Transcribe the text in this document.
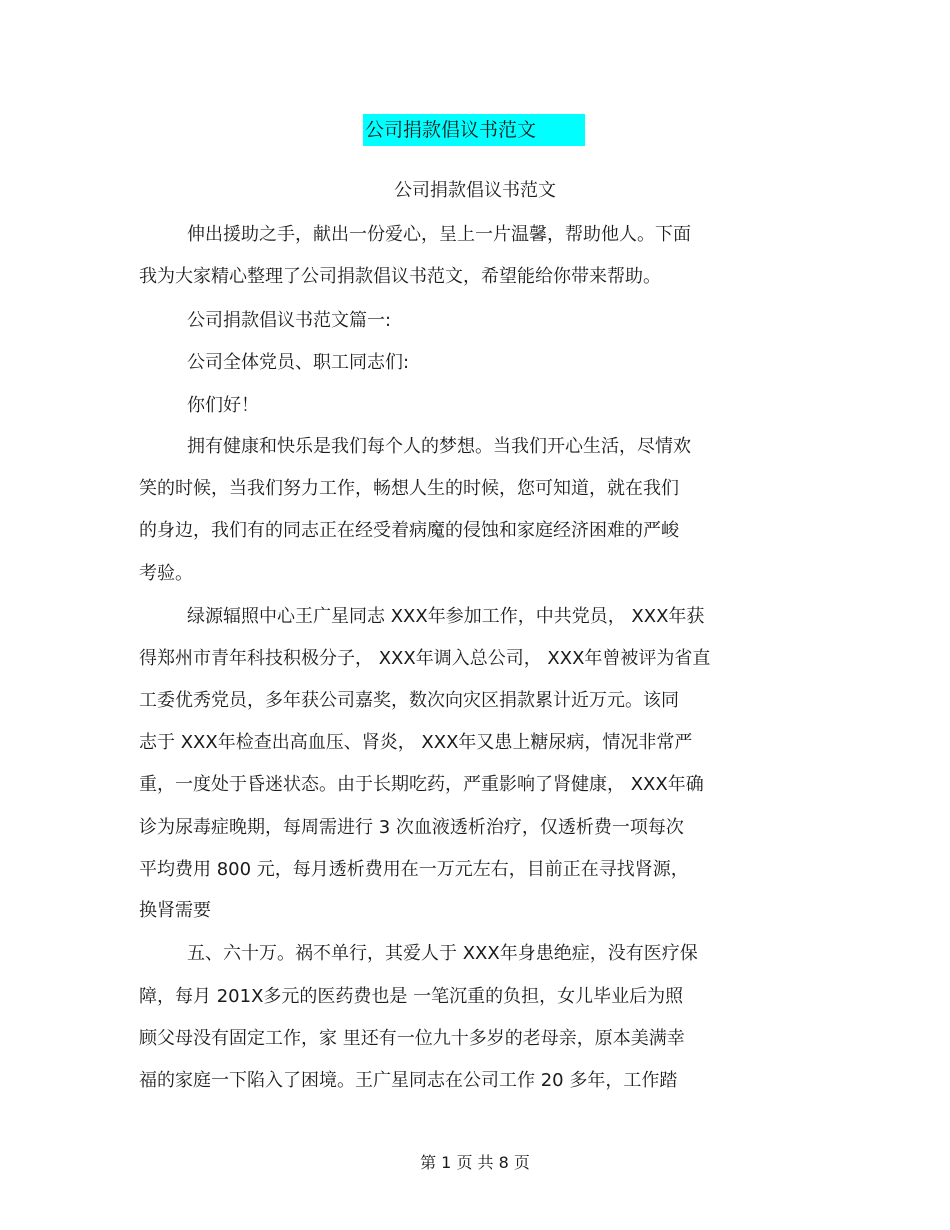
公司捐款倡议书范文
公司捐款倡议书范文
伸出援助之手，献出一份爱心，呈上一片温馨，帮助他人。下面
我为大家精心整理了公司捐款倡议书范文，希望能给你带来帮助。
公司捐款倡议书范文篇一:
公司全体党员、职工同志们:
你们好！
拥有健康和快乐是我们每个人的梦想。当我们开心生活，尽情欢
笑的时候，当我们努力工作，畅想人生的时候，您可知道，就在我们
的身边，我们有的同志正在经受着病魔的侵蚀和家庭经济困难的严峻
考验。
绿源辐照中心王广星同志 XXX年参加工作，中共党员， XXX年获
得郑州市青年科技积极分子， XXX年调入总公司， XXX年曾被评为省直
工委优秀党员，多年获公司嘉奖，数次向灾区捐款累计近万元。该同
志于 XXX年检查出高血压、肾炎， XXX年又患上糖尿病，情况非常严
重，一度处于昏迷状态。由于长期吃药，严重影响了肾健康， XXX年确
诊为尿毒症晚期，每周需进行 3 次血液透析治疗，仅透析费一项每次
平均费用 800 元，每月透析费用在一万元左右，目前正在寻找肾源，
换肾需要
五、六十万。祸不单行，其爱人于 XXX年身患绝症，没有医疗保
障，每月 201X多元的医药费也是 一笔沉重的负担，女儿毕业后为照
顾父母没有固定工作，家 里还有一位九十多岁的老母亲，原本美满幸
福的家庭一下陷入了困境。王广星同志在公司工作 20 多年，工作踏
第 1 页 共 8 页
